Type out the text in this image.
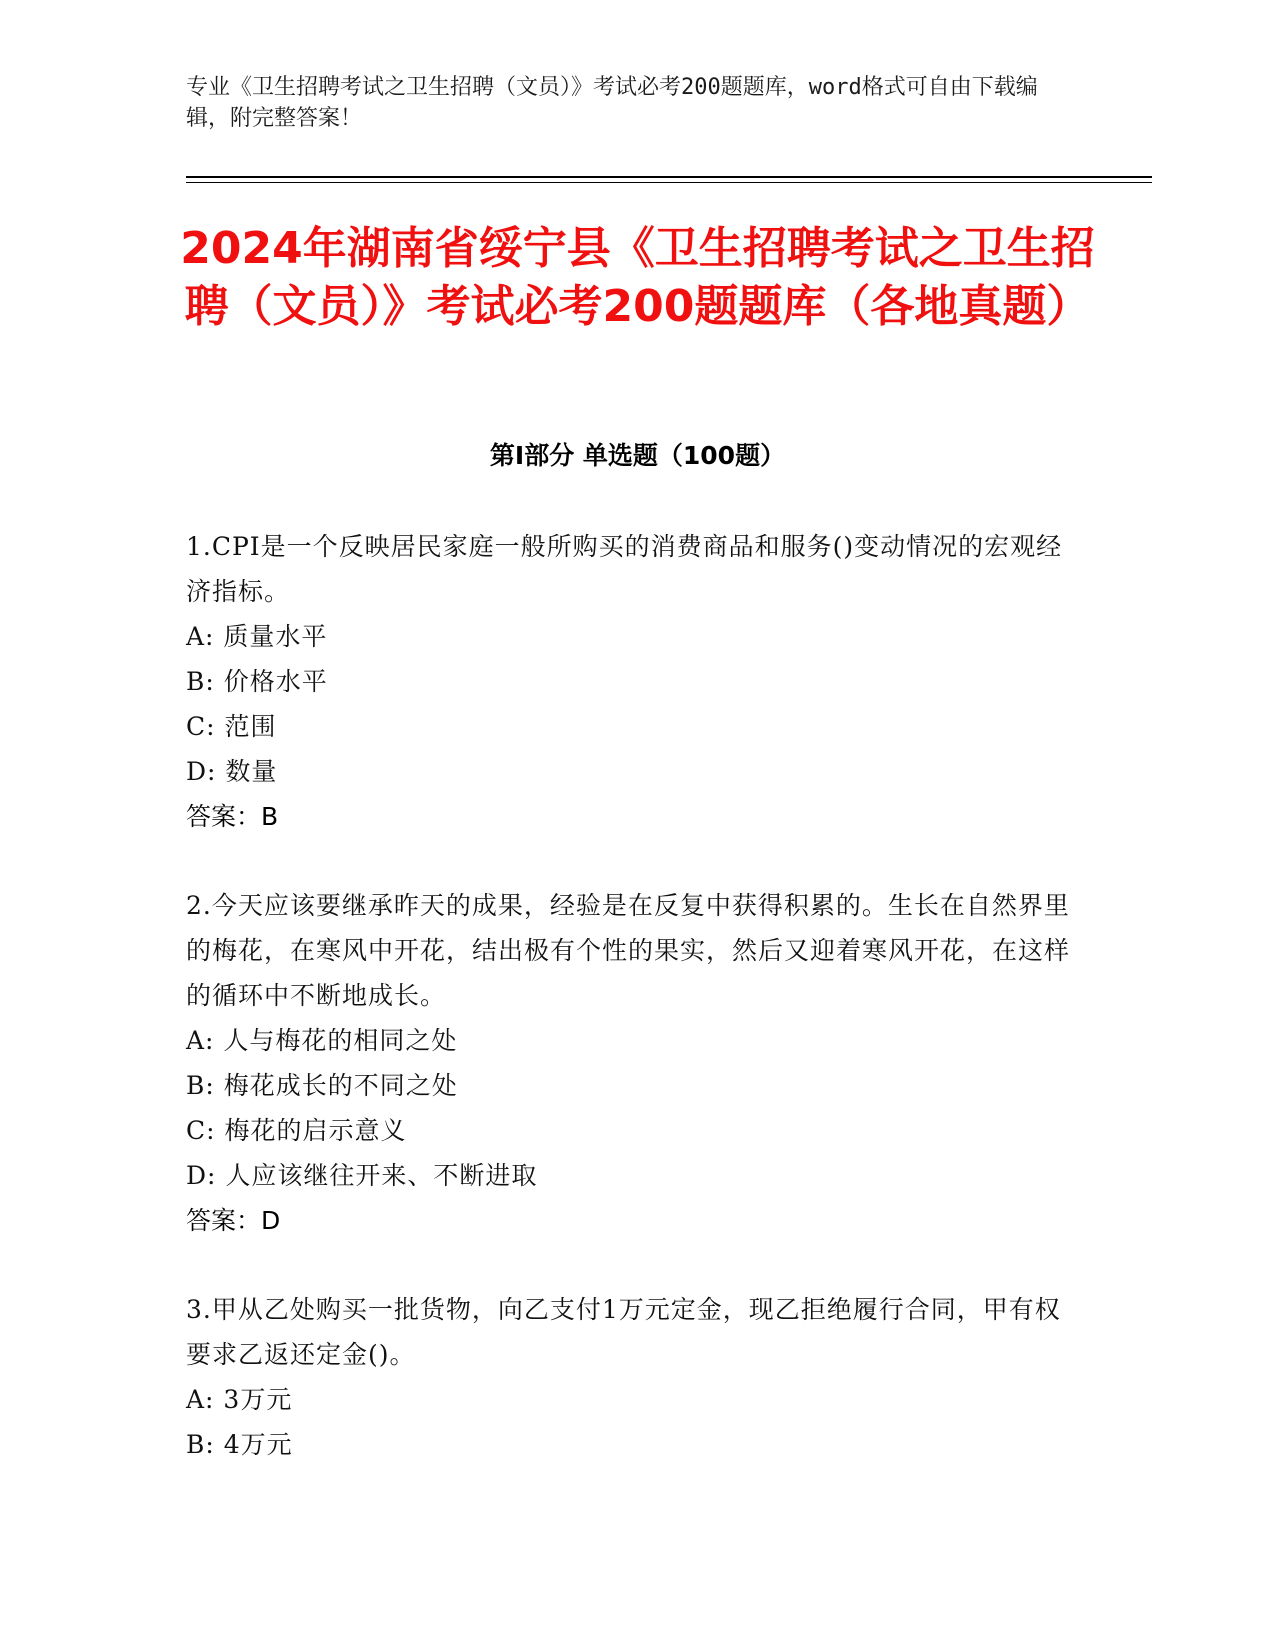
专业《卫生招聘考试之卫生招聘（文员）》考试必考200题题库，word格式可自由下载编辑，附完整答案！
2024年湖南省绥宁县《卫生招聘考试之卫生招聘（文员）》考试必考200题题库（各地真题）
第I部分 单选题（100题）
1.CPI是一个反映居民家庭一般所购买的消费商品和服务()变动情况的宏观经济指标。
A: 质量水平
B: 价格水平
C: 范围
D: 数量
答案：B
2.今天应该要继承昨天的成果，经验是在反复中获得积累的。生长在自然界里的梅花，在寒风中开花，结出极有个性的果实，然后又迎着寒风开花，在这样的循环中不断地成长。
A: 人与梅花的相同之处
B: 梅花成长的不同之处
C: 梅花的启示意义
D: 人应该继往开来、不断进取
答案：D
3.甲从乙处购买一批货物，向乙支付1万元定金，现乙拒绝履行合同，甲有权要求乙返还定金()。
A: 3万元
B: 4万元
